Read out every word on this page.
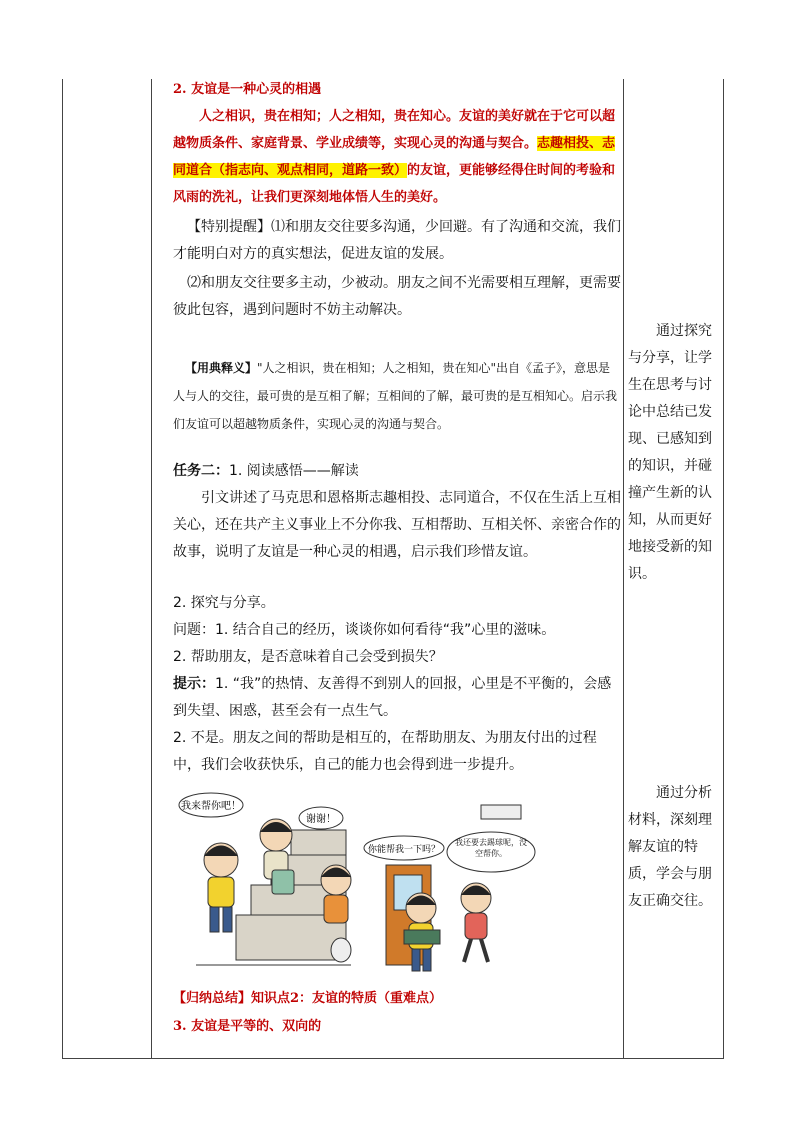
2. 友谊是一种心灵的相遇

人之相识，贵在相知；人之相知，贵在知心。友谊的美好就在于它可以超越物质条件、家庭背景、学业成绩等，实现心灵的沟通与契合。志趣相投、志同道合（指志向、观点相同，道路一致）的友谊，更能够经得住时间的考验和风雨的洗礼，让我们更深刻地体悟人生的美好。

【特别提醒】⑴和朋友交往要多沟通，少回避。有了沟通和交流，我们才能明白对方的真实想法，促进友谊的发展。

⑵和朋友交往要多主动，少被动。朋友之间不光需要相互理解，更需要彼此包容，遇到问题时不妨主动解决。

【用典释义】"人之相识，贵在相知；人之相知，贵在知心"出自《孟子》，意思是人与人的交往，最可贵的是互相了解；互相间的了解，最可贵的是互相知心。启示我们友谊可以超越物质条件，实现心灵的沟通与契合。

任务二：1. 阅读感悟——解读

引文讲述了马克思和恩格斯志趣相投、志同道合，不仅在生活上互相关心，还在共产主义事业上不分你我、互相帮助、互相关怀、亲密合作的故事，说明了友谊是一种心灵的相遇，启示我们珍惜友谊。

2. 探究与分享。

问题：1. 结合自己的经历，谈谈你如何看待“我”心里的滋味。

2. 帮助朋友，是否意味着自己会受到损失？

提示：1. “我”的热情、友善得不到别人的回报，心里是不平衡的，会感到失望、困惑，甚至会有一点生气。

2. 不是。朋友之间的帮助是相互的，在帮助朋友、为朋友付出的过程中，我们会收获快乐，自己的能力也会得到进一步提升。

我来帮你吧！
谢谢！
你能帮我一下吗？
我还要去踢球呢，没空帮你。

【归纳总结】知识点2：友谊的特质（重难点）

3. 友谊是平等的、双向的

通过探究与分享，让学生在思考与讨论中总结已发现、已感知到的知识，并碰撞产生新的认知，从而更好地接受新的知识。

通过分析材料，深刻理解友谊的特质，学会与朋友正确交往。
